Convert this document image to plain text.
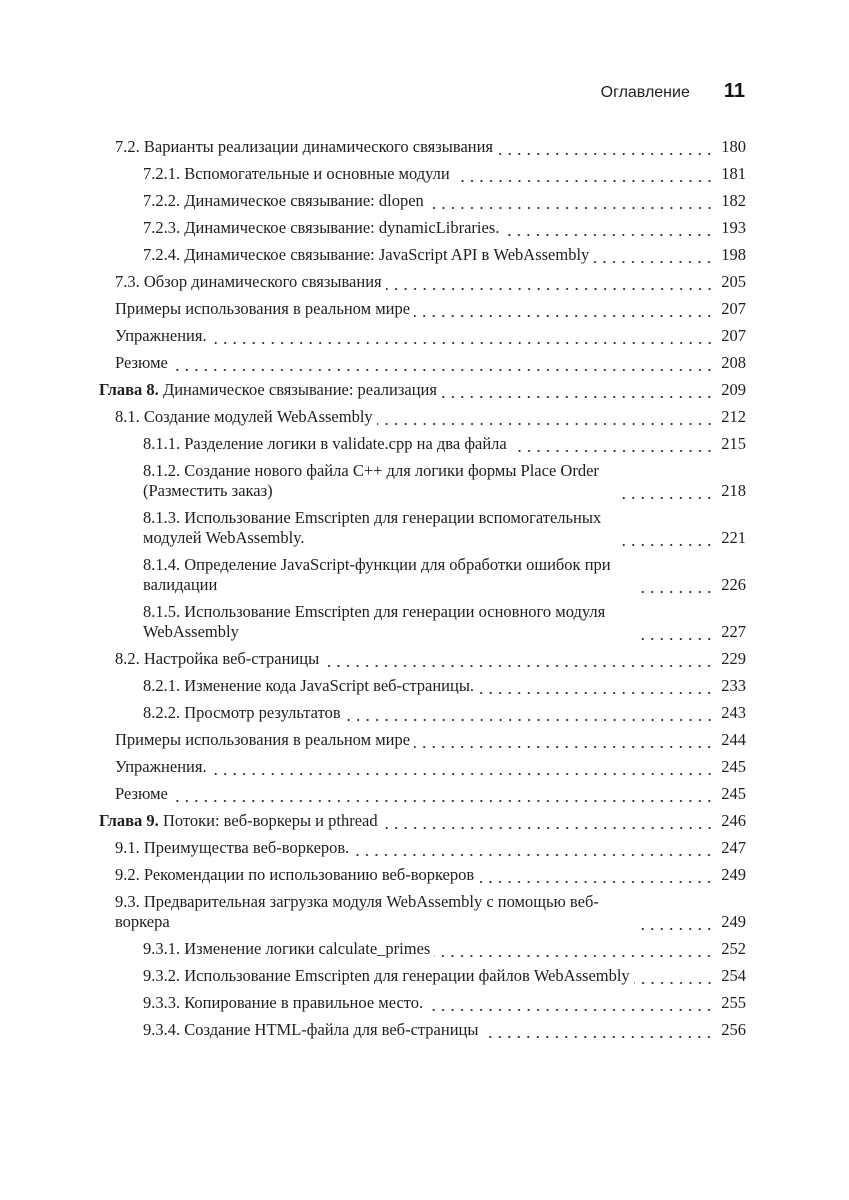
Оглавление 11
7.2. Варианты реализации динамического связывания	180
7.2.1. Вспомогательные и основные модули	181
7.2.2. Динамическое связывание: dlopen	182
7.2.3. Динамическое связывание: dynamicLibraries.	193
7.2.4. Динамическое связывание: JavaScript API в WebAssembly	198
7.3. Обзор динамического связывания	205
Примеры использования в реальном мире	207
Упражнения.	207
Резюме	208
Глава 8. Динамическое связывание: реализация	209
8.1. Создание модулей WebAssembly	212
8.1.1. Разделение логики в validate.cpp на два файла	215
8.1.2. Создание нового файла C++ для логики формы Place Order (Разместить заказ)	218
8.1.3. Использование Emscripten для генерации вспомогательных модулей WebAssembly.	221
8.1.4. Определение JavaScript-функции для обработки ошибок при валидации	226
8.1.5. Использование Emscripten для генерации основного модуля WebAssembly	227
8.2. Настройка веб-страницы	229
8.2.1. Изменение кода JavaScript веб-страницы.	233
8.2.2. Просмотр результатов	243
Примеры использования в реальном мире	244
Упражнения.	245
Резюме	245
Глава 9. Потоки: веб-воркеры и pthread	246
9.1. Преимущества веб-воркеров.	247
9.2. Рекомендации по использованию веб-воркеров	249
9.3. Предварительная загрузка модуля WebAssembly с помощью веб-воркера	249
9.3.1. Изменение логики calculate_primes	252
9.3.2. Использование Emscripten для генерации файлов WebAssembly	254
9.3.3. Копирование в правильное место.	255
9.3.4. Создание HTML-файла для веб-страницы	256
